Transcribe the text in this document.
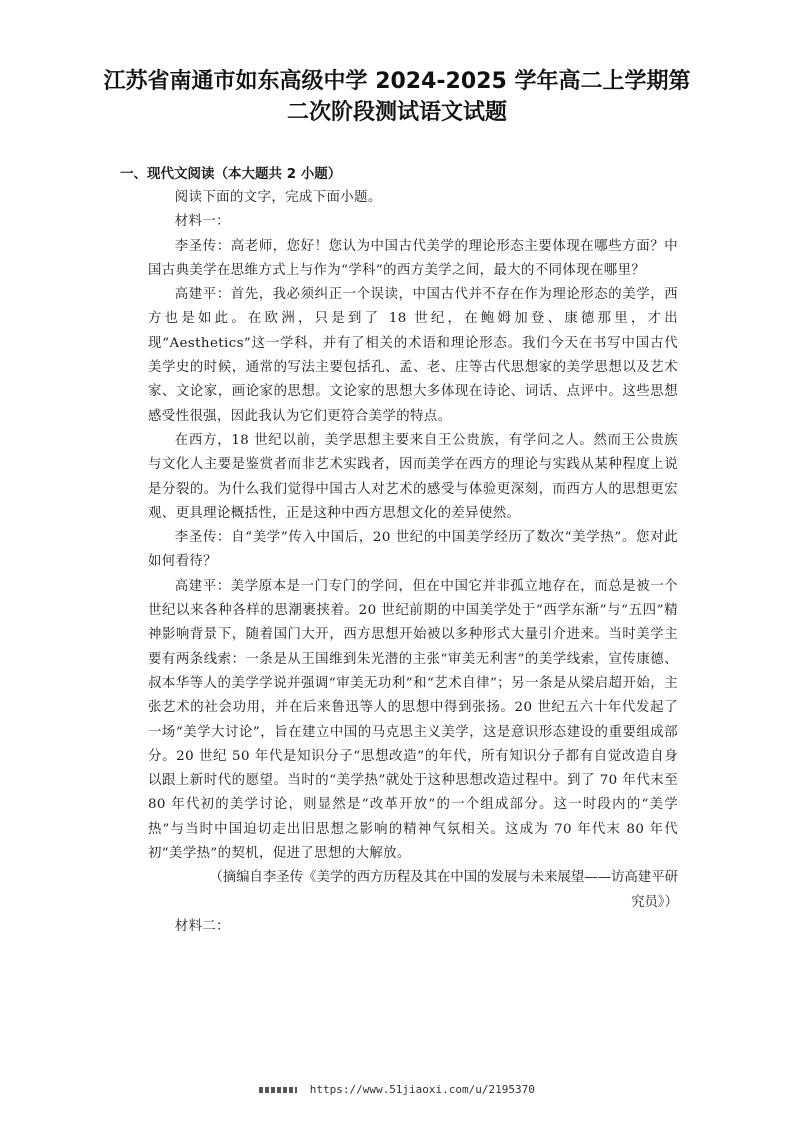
江苏省南通市如东高级中学 2024-2025 学年高二上学期第
二次阶段测试语文试题
一、现代文阅读（本大题共 2 小题）

阅读下面的文字，完成下面小题。

材料一：

李圣传：高老师，您好！您认为中国古代美学的理论形态主要体现在哪些方面？中国古典美学在思维方式上与作为“学科”的西方美学之间，最大的不同体现在哪里？

高建平：首先，我必须纠正一个误读，中国古代并不存在作为理论形态的美学，西方也是如此。在欧洲，只是到了 18 世纪，在鲍姆加登、康德那里，才出现“Aesthetics”这一学科，并有了相关的术语和理论形态。我们今天在书写中国古代美学史的时候，通常的写法主要包括孔、孟、老、庄等古代思想家的美学思想以及艺术家、文论家，画论家的思想。文论家的思想大多体现在诗论、词话、点评中。这些思想感受性很强，因此我认为它们更符合美学的特点。

在西方，18 世纪以前，美学思想主要来自王公贵族，有学问之人。然而王公贵族与文化人主要是鉴赏者而非艺术实践者，因而美学在西方的理论与实践从某种程度上说是分裂的。为什么我们觉得中国古人对艺术的感受与体验更深刻，而西方人的思想更宏观、更具理论概括性，正是这种中西方思想文化的差异使然。

李圣传：自“美学”传入中国后，20 世纪的中国美学经历了数次“美学热”。您对此如何看待？

高建平：美学原本是一门专门的学问，但在中国它并非孤立地存在，而总是被一个世纪以来各种各样的思潮裹挟着。20 世纪前期的中国美学处于“西学东渐”与“五四”精神影响背景下，随着国门大开，西方思想开始被以多种形式大量引介进来。当时美学主要有两条线索：一条是从王国维到朱光潜的主张“审美无利害”的美学线索，宣传康德、叔本华等人的美学学说并强调“审美无功利”和“艺术自律”；另一条是从梁启超开始，主张艺术的社会功用，并在后来鲁迅等人的思想中得到张扬。20 世纪五六十年代发起了一场“美学大讨论”，旨在建立中国的马克思主义美学，这是意识形态建设的重要组成部分。20 世纪 50 年代是知识分子“思想改造”的年代，所有知识分子都有自觉改造自身以跟上新时代的愿望。当时的“美学热”就处于这种思想改造过程中。到了 70 年代末至 80 年代初的美学讨论，则显然是“改革开放”的一个组成部分。这一时段内的“美学热”与当时中国迫切走出旧思想之影响的精神气氛相关。这成为 70 年代末 80 年代初“美学热”的契机，促进了思想的大解放。

（摘编自李圣传《美学的西方历程及其在中国的发展与未来展望——访高建平研究员》）

材料二：

https://www.51jiaoxi.com/u/2195370
